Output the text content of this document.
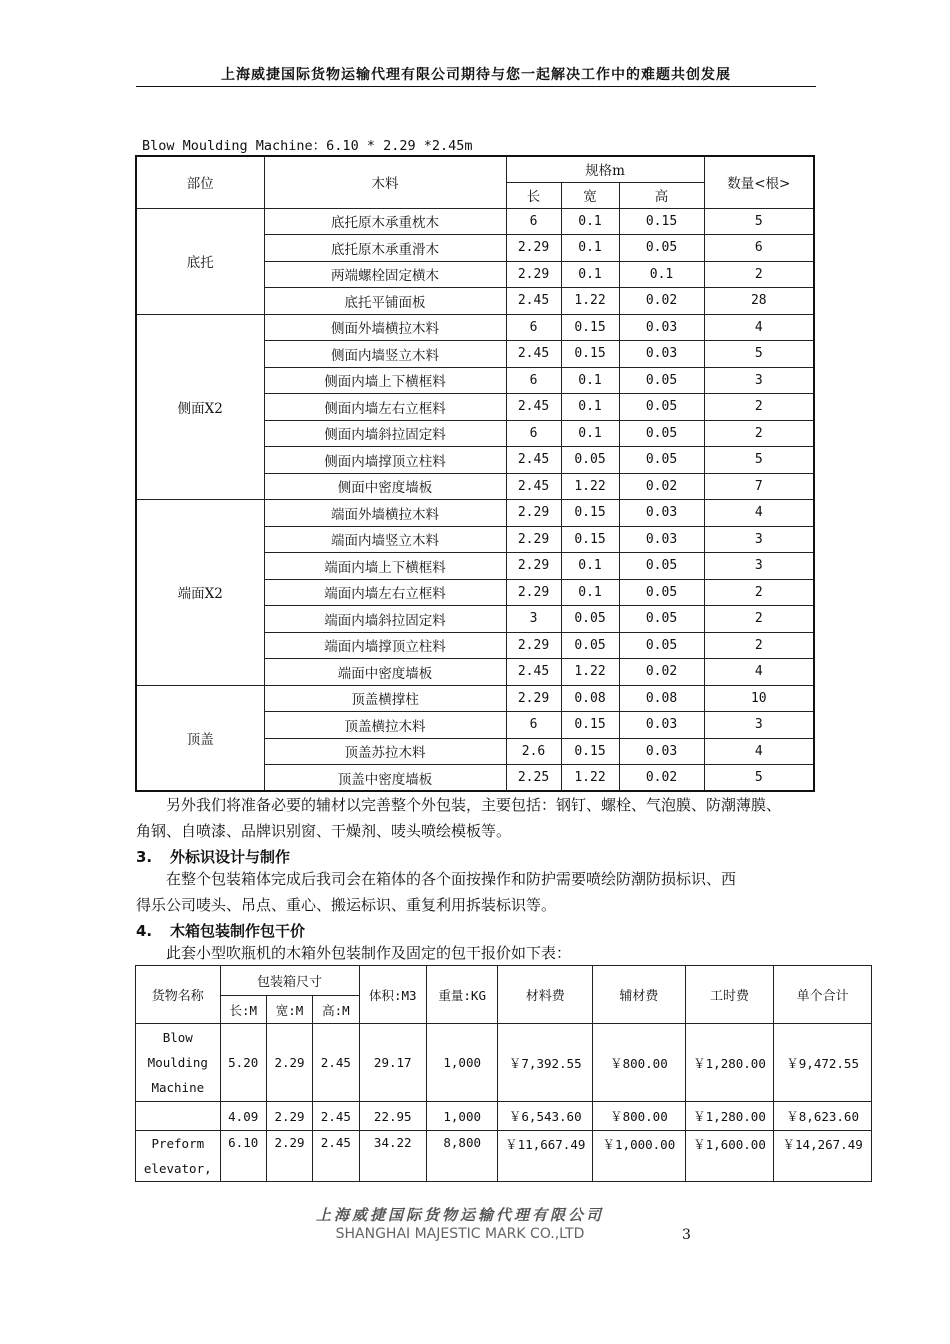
上海威捷国际货物运输代理有限公司期待与您一起解决工作中的难题共创发展
Blow Moulding Machine：6.10 * 2.29 *2.45m
部位	木料	规格m			数量<根>
		长	宽	高	
底托	底托原木承重枕木	6	0.1	0.15	5
	底托原木承重滑木	2.29	0.1	0.05	6
	两端螺栓固定横木	2.29	0.1	0.1	2
	底托平铺面板	2.45	1.22	0.02	28
侧面X2	侧面外墙横拉木料	6	0.15	0.03	4
	侧面内墙竖立木料	2.45	0.15	0.03	5
	侧面内墙上下横框料	6	0.1	0.05	3
	侧面内墙左右立框料	2.45	0.1	0.05	2
	侧面内墙斜拉固定料	6	0.1	0.05	2
	侧面内墙撑顶立柱料	2.45	0.05	0.05	5
	侧面中密度墙板	2.45	1.22	0.02	7
端面X2	端面外墙横拉木料	2.29	0.15	0.03	4
	端面内墙竖立木料	2.29	0.15	0.03	3
	端面内墙上下横框料	2.29	0.1	0.05	3
	端面内墙左右立框料	2.29	0.1	0.05	2
	端面内墙斜拉固定料	3	0.05	0.05	2
	端面内墙撑顶立柱料	2.29	0.05	0.05	2
	端面中密度墙板	2.45	1.22	0.02	4
顶盖	顶盖横撑柱	2.29	0.08	0.08	10
	顶盖横拉木料	6	0.15	0.03	3
	顶盖苏拉木料	2.6	0.15	0.03	4
	顶盖中密度墙板	2.25	1.22	0.02	5
另外我们将准备必要的辅材以完善整个外包装，主要包括：钢钉、螺栓、气泡膜、防潮薄膜、
角钢、自喷漆、品牌识别窗、干燥剂、唛头喷绘模板等。
3. 外标识设计与制作
在整个包装箱体完成后我司会在箱体的各个面按操作和防护需要喷绘防潮防损标识、西
得乐公司唛头、吊点、重心、搬运标识、重复利用拆装标识等。
4. 木箱包装制作包干价
此套小型吹瓶机的木箱外包装制作及固定的包干报价如下表：
货物名称	包装箱尺寸			体积:M3	重量:KG	材料费	辅材费	工时费	单个合计
	长:M	宽:M	高:M						

Blow
Moulding
Machine	5.20	2.29	2.45	29.17	1,000	￥7,392.55	￥800.00	￥1,280.00	￥9,472.55
	4.09	2.29	2.45	22.95	1,000	￥6,543.60	￥800.00	￥1,280.00	￥8,623.60

Preform
elevator,	6.10	2.29	2.45	34.22	8,800	￥11,667.49	￥1,000.00	￥1,600.00	￥14,267.49
上海威捷国际货物运输代理有限公司
SHANGHAI MAJESTIC MARK CO.,LTD	3
